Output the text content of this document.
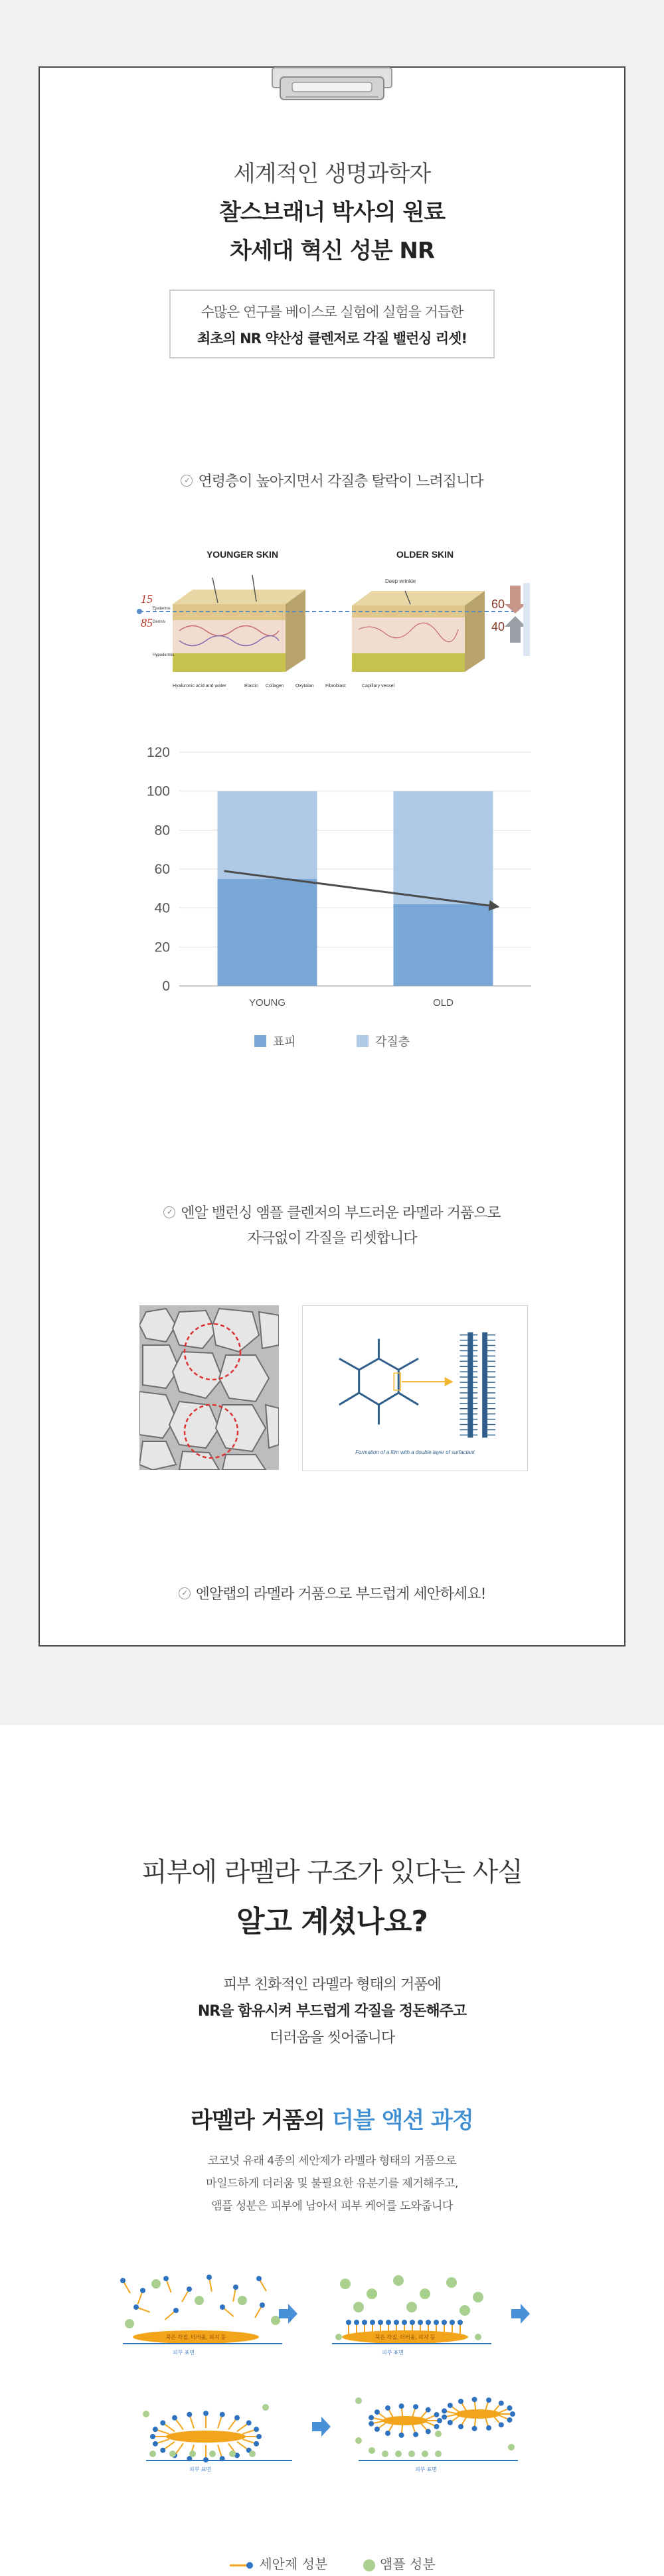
세계적인 생명과학자
찰스브래너 박사의 원료
차세대 혁신 성분 NR
수많은 연구를 베이스로 실험에 실험을 거듭한
최초의 NR 약산성 클렌저로 각질 밸런싱 리셋!
✓ 연령층이 높아지면서 각질층 탈락이 느려집니다
YOUNGER SKIN	OLDER SKIN
Deep wrinkle
15
85
Epidermis
Dermis
Hypodermis
60
40
Hyaluronic acid and water	Elastin Collagen Oxytalan Fibroblast	Capillary vessel
0
20
40
60
80
100
120
YOUNG	OLD
표피	각질층
✓ 엔알 밸런싱 앰플 클렌저의 부드러운 라멜라 거품으로
자극없이 각질을 리셋합니다
Formation of a film with a double layer of surfactant
✓ 엔알랩의 라멜라 거품으로 부드럽게 세안하세요!
피부에 라멜라 구조가 있다는 사실
알고 계셨나요?
피부 친화적인 라멜라 형태의 거품에
NR을 함유시켜 부드럽게 각질을 정돈해주고
더러움을 씻어줍니다
라멜라 거품의 더블 액션 과정
코코넛 유래 4종의 세안제가 라멜라 형태의 거품으로
마일드하게 더러움 및 불필요한 유분기를 제거해주고,
앰플 성분은 피부에 남아서 피부 케어를 도와줍니다
묵은 각질, 더러움, 피지 등
피부 표면
묵은 각질, 더러움, 피지 등
피부 표면
피부 표면	피부 표면
세안제 성분	앰플 성분
